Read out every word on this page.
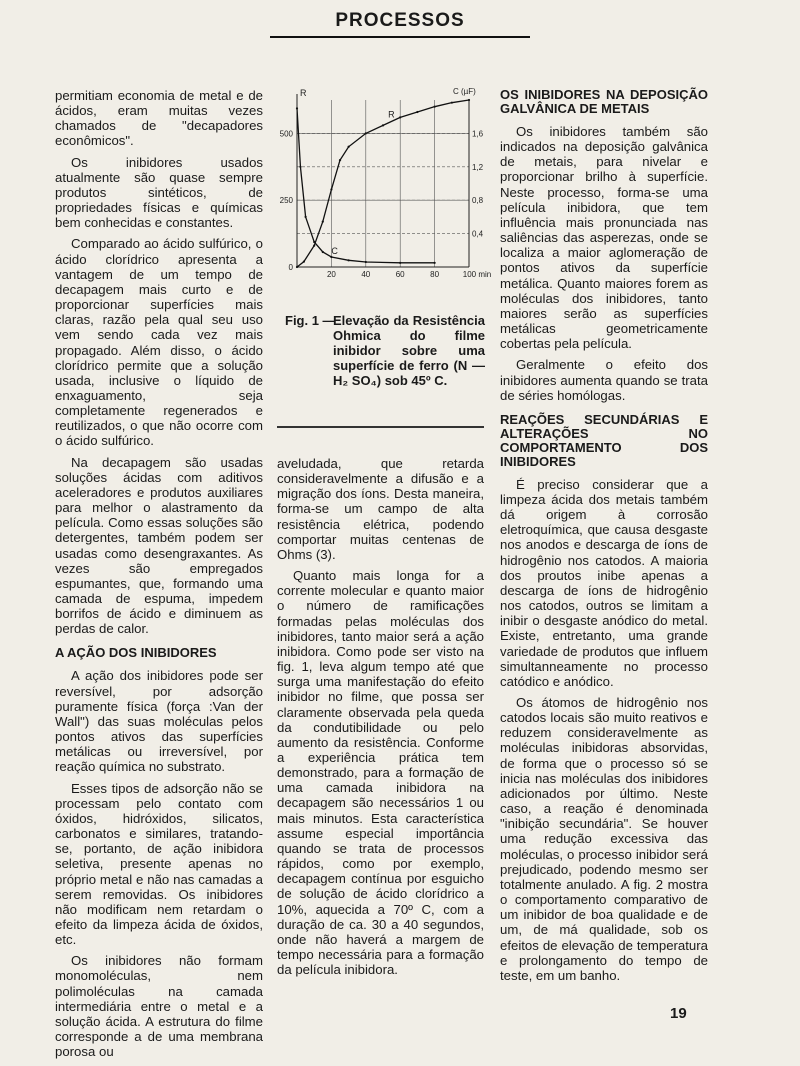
PROCESSOS

permitiam economia de metal e de ácidos, eram muitas vezes chamados de "decapadores econômicos".

Os inibidores usados atualmente são quase sempre produtos sintéticos, de propriedades físicas e químicas bem conhecidas e constantes.

Comparado ao ácido sulfúrico, o ácido clorídrico apresenta a vantagem de um tempo de decapagem mais curto e de proporcionar superfícies mais claras, razão pela qual seu uso vem sendo cada vez mais propagado. Além disso, o ácido clorídrico permite que a solução usada, inclusive o líquido de enxaguamento, seja completamente regenerados e reutilizados, o que não ocorre com o ácido sulfúrico.

Na decapagem são usadas soluções ácidas com aditivos aceleradores e produtos auxiliares para melhor o alastramento da película. Como essas soluções são detergentes, também podem ser usadas como desengraxantes. As vezes são empregados espumantes, que, formando uma camada de espuma, impedem borrifos de ácido e diminuem as perdas de calor.

A AÇÃO DOS INIBIDORES

A ação dos inibidores pode ser reversível, por adsorção puramente física (força :Van der Wall") das suas moléculas pelos pontos ativos das superfícies metálicas ou irreversível, por reação química no substrato.

Esses tipos de adsorção não se processam pelo contato com óxidos, hidróxidos, silicatos, carbonatos e similares, tratando-se, portanto, de ação inibidora seletiva, presente apenas no próprio metal e não nas camadas a serem removidas. Os inibidores não modificam nem retardam o efeito da limpeza ácida de óxidos, etc.

Os inibidores não formam monomoléculas, nem polimoléculas na camada intermediária entre o metal e a solução ácida. A estrutura do filme corresponde a de uma membrana porosa ou

20	40	60	80	100 min
500
250
0
1,6
1,2
0,8
0,4
R	C (µF)
R
C
Fig. 1 —
Elevação da Resistência Ohmica do filme inibidor sobre uma superfície de ferro (N — H₂ SO₄) sob 45º C.

aveludada, que retarda consideravelmente a difusão e a migração dos íons. Desta maneira, forma-se um campo de alta resistência elétrica, podendo comportar muitas centenas de Ohms (3).

Quanto mais longa for a corrente molecular e quanto maior o número de ramificações formadas pelas moléculas dos inibidores, tanto maior será a ação inibidora. Como pode ser visto na fig. 1, leva algum tempo até que surga uma manifestação do efeito inibidor no filme, que possa ser claramente observada pela queda da condutibilidade ou pelo aumento da resistência. Conforme a experiência prática tem demonstrado, para a formação de uma camada inibidora na decapagem são necessários 1 ou mais minutos. Esta característica assume especial importância quando se trata de processos rápidos, como por exemplo, decapagem contínua por esguicho de solução de ácido clorídrico a 10%, aquecida a 70º C, com a duração de ca. 30 a 40 segundos, onde não haverá a margem de tempo necessária para a formação da película inibidora.

OS INIBIDORES NA DEPOSIÇÃO GALVÂNICA DE METAIS

Os inibidores também são indicados na deposição galvânica de metais, para nivelar e proporcionar brilho à superfície. Neste processo, forma-se uma película inibidora, que tem influência mais pronunciada nas saliências das asperezas, onde se localiza a maior aglomeração de pontos ativos da superfície metálica. Quanto maiores forem as moléculas dos inibidores, tanto maiores serão as superfícies metálicas geometricamente cobertas pela película.

Geralmente o efeito dos inibidores aumenta quando se trata de séries homólogas.

REAÇÕES SECUNDÁRIAS E ALTERAÇÕES NO COMPORTAMENTO DOS INIBIDORES

É preciso considerar que a limpeza ácida dos metais também dá origem à corrosão eletroquímica, que causa desgaste nos anodos e descarga de íons de hidrogênio nos catodos. A maioria dos proutos inibe apenas a descarga de íons de hidrogênio nos catodos, outros se limitam a inibir o desgaste anódico do metal. Existe, entretanto, uma grande variedade de produtos que influem simultanneamente no processo catódico e anódico.

Os átomos de hidrogênio nos catodos locais são muito reativos e reduzem consideravelmente as moléculas inibidoras absorvidas, de forma que o processo só se inicia nas moléculas dos inibidores adicionados por último. Neste caso, a reação é denominada "inibição secundária". Se houver uma redução excessiva das moléculas, o processo inibidor será prejudicado, podendo mesmo ser totalmente anulado. A fig. 2 mostra o comportamento comparativo de um inibidor de boa qualidade e de um, de má qualidade, sob os efeitos de elevação de temperatura e prolongamento do tempo de teste, em um banho.

19
